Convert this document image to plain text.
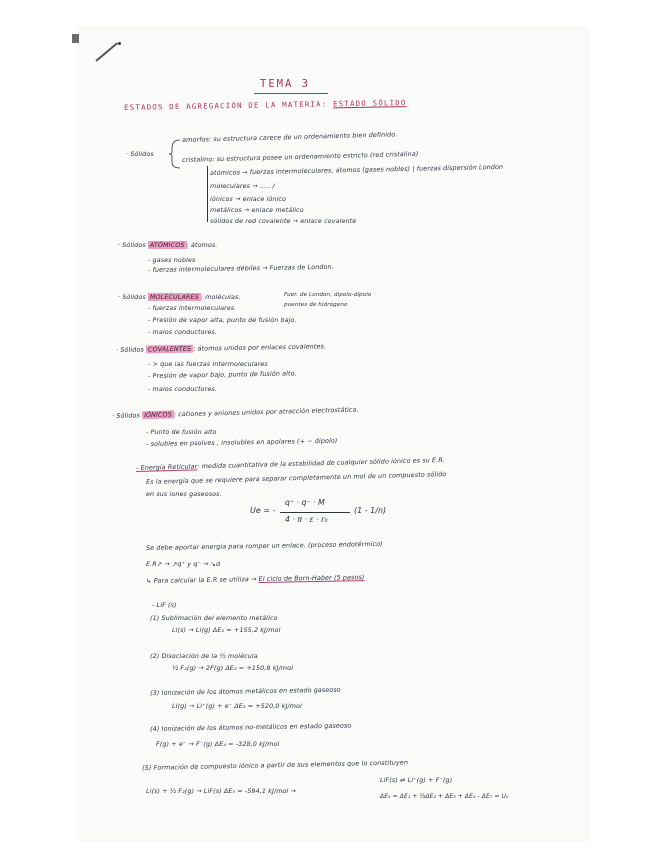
TEMA 3
ESTADOS DE AGREGACIÓN DE LA MATERIA: ESTADO SÓLIDO
· Sólidos
amorfos: su estructura carece de un ordenamiento bien definido.
cristalino: su estructura posee un ordenamiento estricto (red cristalina)
atómicos → fuerzas intermoleculares, átomos (gases nobles) | fuerzas dispersión London
moleculares → ..... /
iónicos → enlace iónico
metálicos → enlace metálico
sólidos de red covalente → enlace covalente
· Sólidos ATÓMICOS : átomos.
- gases nobles
- fuerzas intermoleculares débiles → Fuerzas de London.
· Sólidos MOLECULARES : moléculas.
- fuerzas intermoleculares
Fuer. de London, dipolo-dipolo
puentes de hidrógeno
- Presión de vapor alta, punto de fusión bajo.
- malos conductores.
· Sólidos COVALENTES : átomos unidos por enlaces covalentes.
- > que las fuerzas intermoleculares
- Presión de vapor bajo, punto de fusión alto.
- malos conductores.
· Sólidos IÓNICOS : cationes y aniones unidos por atracción electrostática.
- Punto de fusión alto
- solubles en psolves , insolubles en apolares (+ − dipolo)
- Energía Reticular: medida cuantitativa de la estabilidad de cualquier sólido iónico es su E.R.
Es la energía que se requiere para separar completamente un mol de un compuesto sólido
en sus iones gaseosos.
Ue = -
q⁺ · q⁻ · M
4 · π · ε · r₀
(1 - 1/n)
Se debe aportar energía para romper un enlace. (proceso endotérmico)
E.R↗ → ↗q⁺ y q⁻ → ↘d
↳ Para calcular la E.R se utiliza → El ciclo de Born-Haber (5 pasos)
- LiF (s)
(1) Sublimación del elemento metálico
Li(s) → Li(g) ΔE₁ = +155,2 kJ/mol
(2) Disociación de la ½ molécula
½ F₂(g) → 2F(g) ΔE₂ = +150,9 kJ/mol
(3) Ionización de los átomos metálicos en estado gaseoso
Li(g) → Li⁺(g) + e⁻ ΔE₃ = +520,0 kJ/mol
(4) Ionización de los átomos no-metálicos en estado gaseoso
F(g) + e⁻ → F⁻(g) ΔE₄ = -328,0 kJ/mol
(5) Formación de compuesto iónico a partir de sus elementos que lo constituyen
Li(s) + ½ F₂(g) → LiF(s) ΔE₅ = -594,1 kJ/mol →
LiF(s) ⇌ Li⁺(g) + F⁻(g)
ΔE₅ = ΔE₁ + ½ΔE₂ + ΔE₃ + ΔE₄ - ΔE₇ = U₀
